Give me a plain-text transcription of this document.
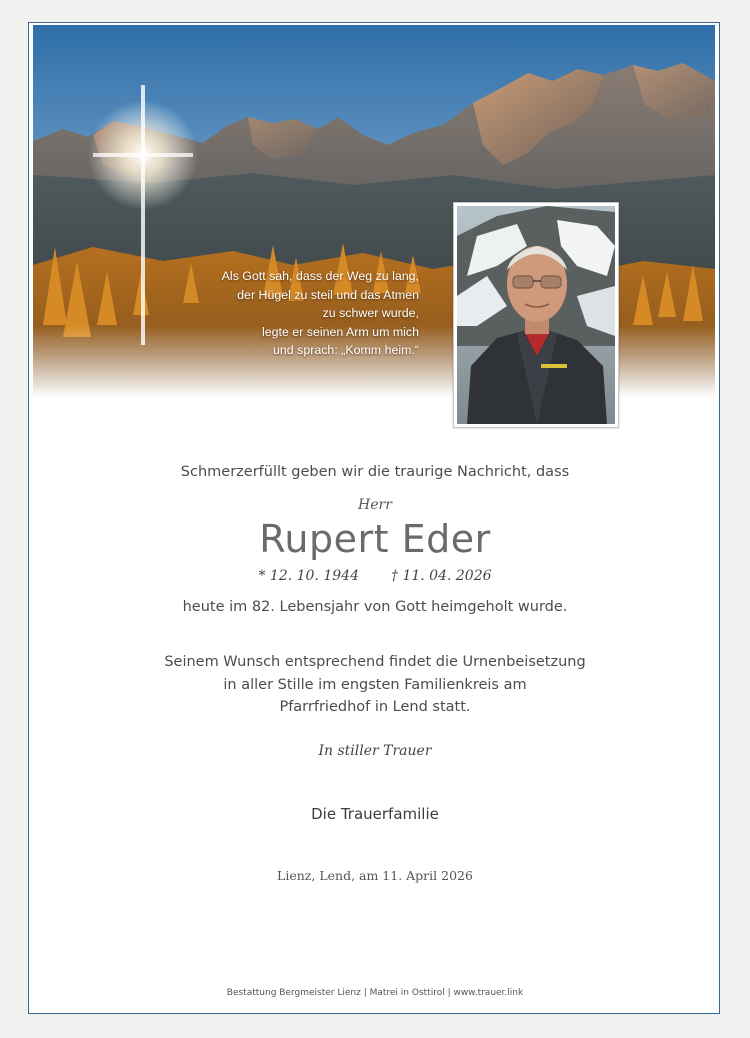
Als Gott sah, dass der Weg zu lang,
der Hügel zu steil und das Atmen
zu schwer wurde,
legte er seinen Arm um mich
und sprach: „Komm heim.“

Schmerzerfüllt geben wir die traurige Nachricht, dass
Herr
Rupert Eder
* 12. 10. 1944 † 11. 04. 2026
heute im 82. Lebensjahr von Gott heimgeholt wurde.
Seinem Wunsch entsprechend findet die Urnenbeisetzung
in aller Stille im engsten Familienkreis am
Pfarrfriedhof in Lend statt.
In stiller Trauer
Die Trauerfamilie
Lienz, Lend, am 11. April 2026
Bestattung Bergmeister Lienz | Matrei in Osttirol | www.trauer.link
